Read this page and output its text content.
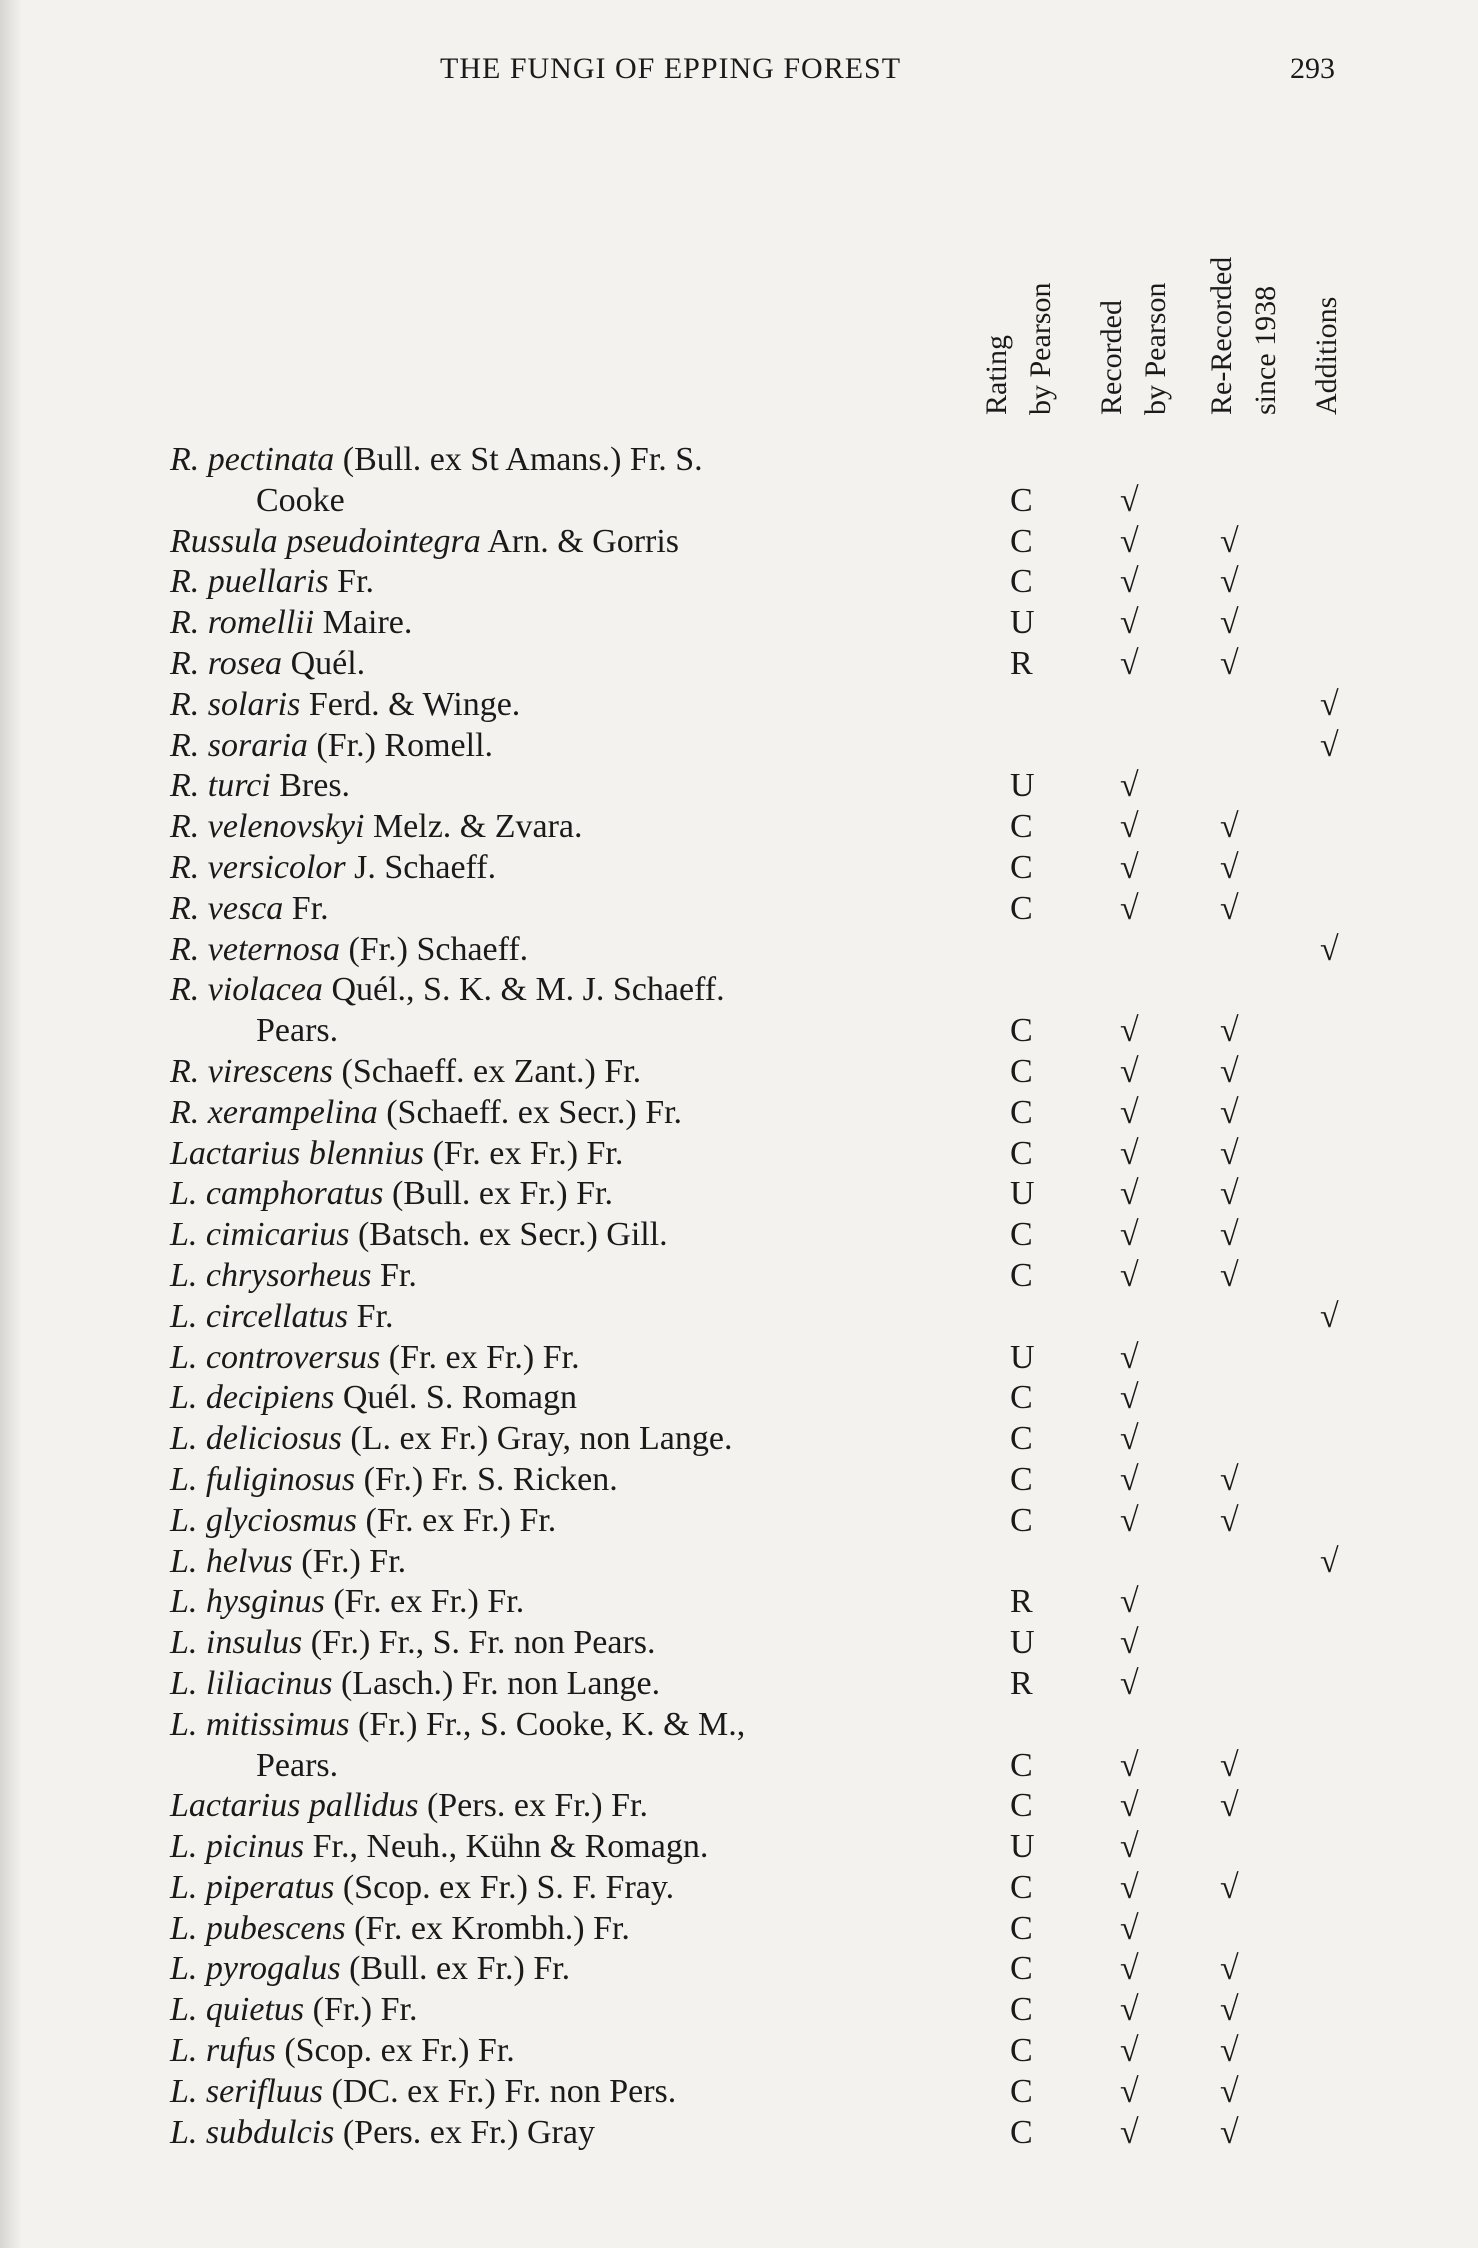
THE FUNGI OF EPPING FOREST	293
Rating by Pearson Recorded by Pearson Re-Recorded since 1938 Additions
R. pectinata (Bull. ex St Amans.) Fr. S.
Cooke	C	√
Russula pseudointegra Arn. & Gorris	C	√ √
R. puellaris Fr.	C	√ √
R. romellii Maire.	U	√ √
R. rosea Quél.	R	√ √
R. solaris Ferd. & Winge.	√
R. soraria (Fr.) Romell.	√
R. turci Bres.	U	√
R. velenovskyi Melz. & Zvara.	C	√ √
R. versicolor J. Schaeff.	C	√ √
R. vesca Fr.	C	√ √
R. veternosa (Fr.) Schaeff.	√
R. violacea Quél., S. K. & M. J. Schaeff.
Pears.	C	√ √
R. virescens (Schaeff. ex Zant.) Fr.	C	√ √
R. xerampelina (Schaeff. ex Secr.) Fr.	C	√ √
Lactarius blennius (Fr. ex Fr.) Fr.	C	√ √
L. camphoratus (Bull. ex Fr.) Fr.	U	√ √
L. cimicarius (Batsch. ex Secr.) Gill.	C	√ √
L. chrysorheus Fr.	C	√ √
L. circellatus Fr.	√
L. controversus (Fr. ex Fr.) Fr.	U	√
L. decipiens Quél. S. Romagn	C	√
L. deliciosus (L. ex Fr.) Gray, non Lange.	C	√
L. fuliginosus (Fr.) Fr. S. Ricken.	C	√ √
L. glyciosmus (Fr. ex Fr.) Fr.	C	√ √
L. helvus (Fr.) Fr.	√
L. hysginus (Fr. ex Fr.) Fr.	R	√
L. insulus (Fr.) Fr., S. Fr. non Pears.	U	√
L. liliacinus (Lasch.) Fr. non Lange.	R	√
L. mitissimus (Fr.) Fr., S. Cooke, K. & M.,
Pears.	C	√ √
Lactarius pallidus (Pers. ex Fr.) Fr.	C	√ √
L. picinus Fr., Neuh., Kühn & Romagn.	U	√
L. piperatus (Scop. ex Fr.) S. F. Fray.	C	√ √
L. pubescens (Fr. ex Krombh.) Fr.	C	√
L. pyrogalus (Bull. ex Fr.) Fr.	C	√ √
L. quietus (Fr.) Fr.	C	√ √
L. rufus (Scop. ex Fr.) Fr.	C	√ √
L. serifluus (DC. ex Fr.) Fr. non Pers.	C	√ √
L. subdulcis (Pers. ex Fr.) Gray	C	√ √
